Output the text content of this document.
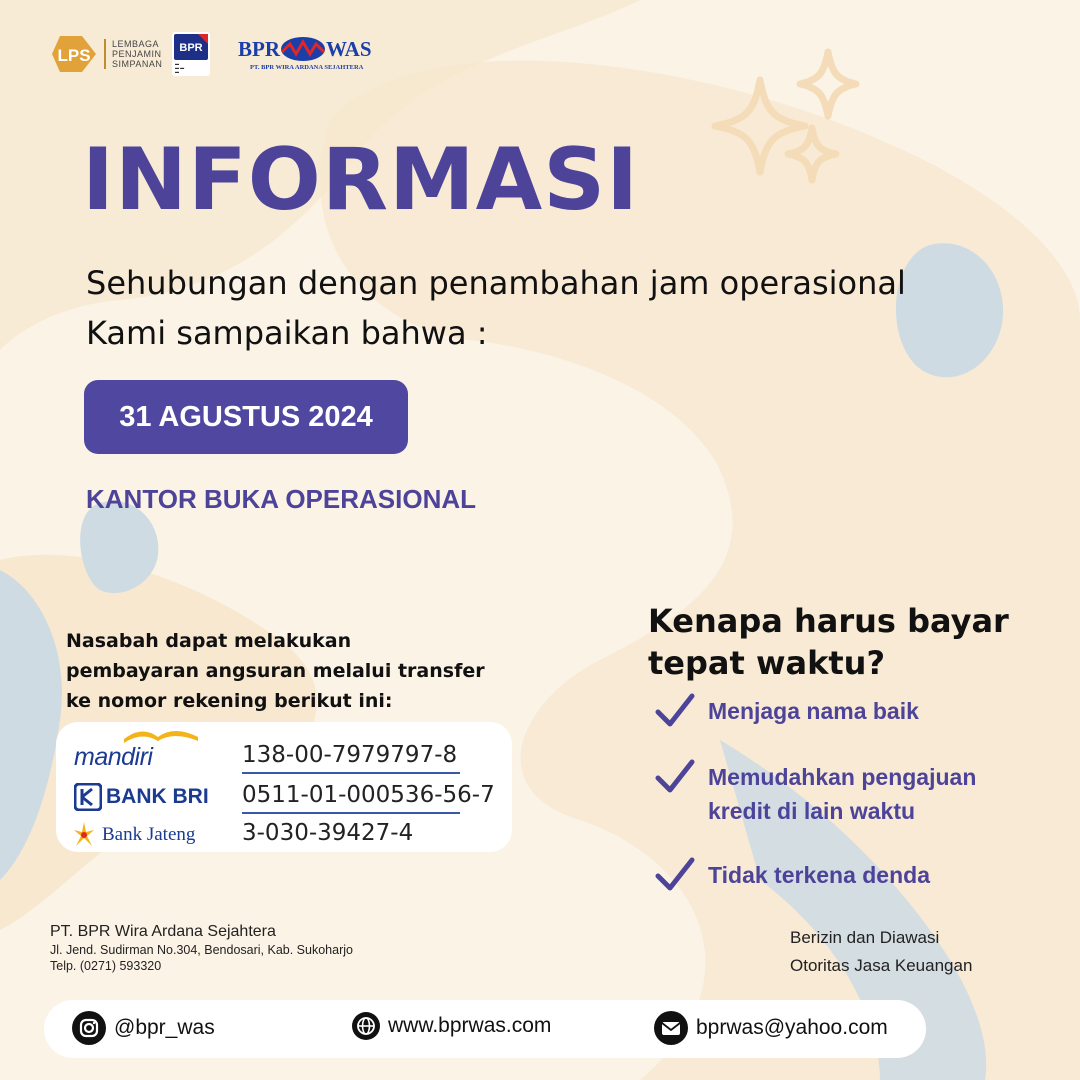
LPS
LEMBAGA
PENJAMIN
SIMPANAN
BPR
▬
▬ ▬
▬
BPR WAS
PT. BPR WIRA ARDANA SEJAHTERA
INFORMASI
Sehubungan dengan penambahan jam operasional
Kami sampaikan bahwa :
31 AGUSTUS 2024
KANTOR BUKA OPERASIONAL
Nasabah dapat melakukan
pembayaran angsuran melalui transfer
ke nomor rekening berikut ini:
mandiri	138-00-7979797-8
BANK BRI 0511-01-000536-56-7
Bank Jateng 3-030-39427-4
Kenapa harus bayar
tepat waktu?
Menjaga nama baik
Memudahkan pengajuan
kredit di lain waktu
Tidak terkena denda
PT. BPR Wira Ardana Sejahtera
Jl. Jend. Sudirman No.304, Bendosari, Kab. Sukoharjo
Telp. (0271) 593320
Berizin dan Diawasi
Otoritas Jasa Keuangan
@bpr_was	www.bprwas.com	bprwas@yahoo.com
